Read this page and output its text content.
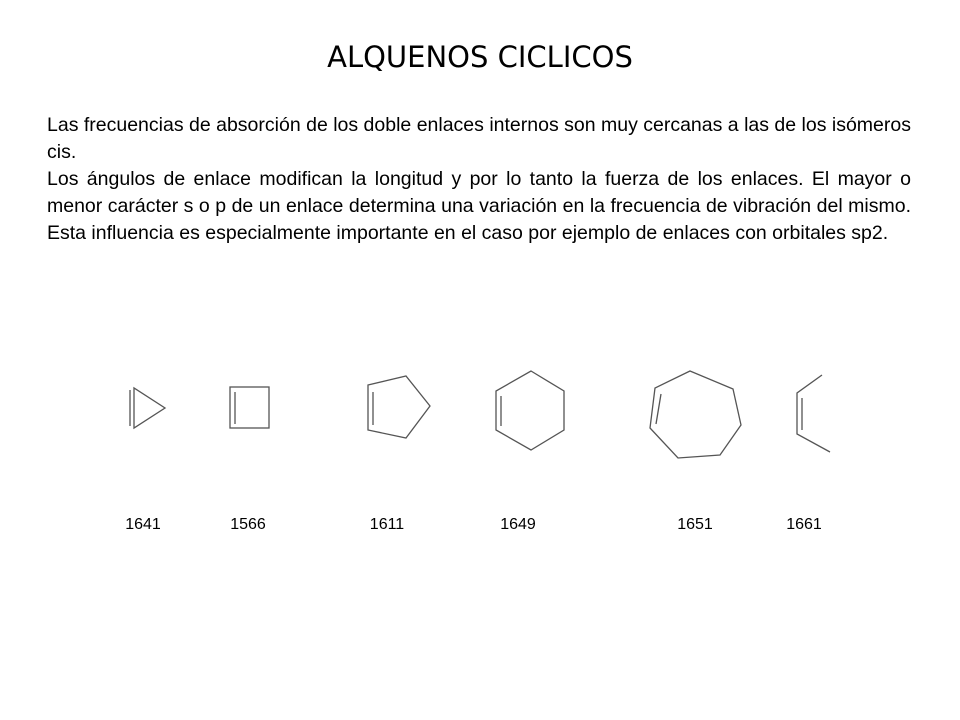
ALQUENOS CICLICOS

Las frecuencias de absorción de los doble enlaces internos son muy cercanas a las de los isómeros cis.

Los ángulos de enlace modifican la longitud y por lo tanto la fuerza de los enlaces. El mayor o menor carácter s o p de un enlace determina una variación en la frecuencia de vibración del mismo. Esta influencia es especialmente importante en el caso por ejemplo de enlaces con orbitales sp2.

1641	1566	1611	1649	1651	1661
